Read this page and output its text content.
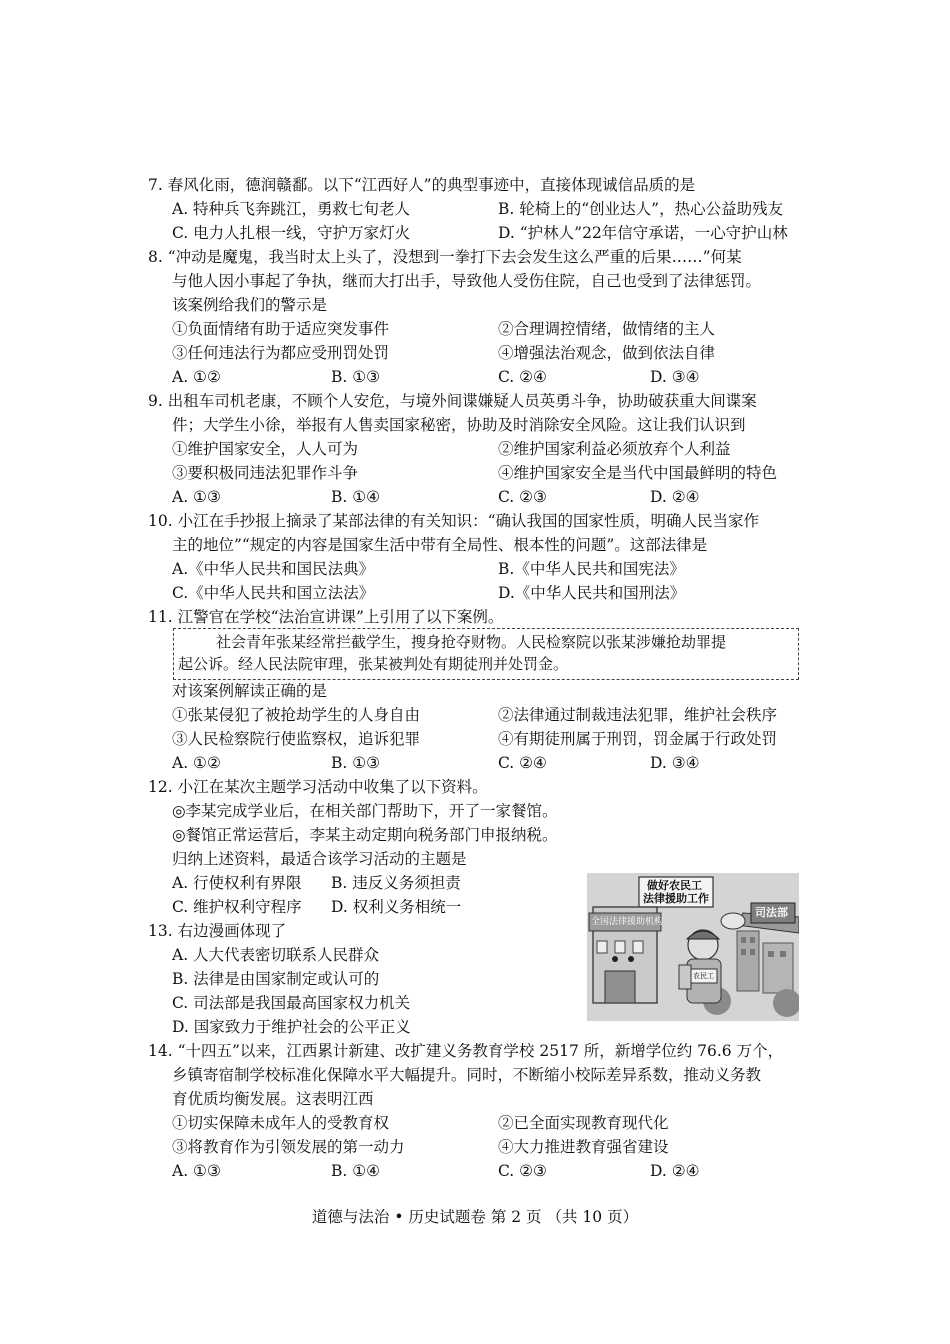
7. 春风化雨，德润赣鄱。以下“江西好人”的典型事迹中，直接体现诚信品质的是
A. 特种兵飞奔跳江，勇救七旬老人	B. 轮椅上的“创业达人”，热心公益助残友
C. 电力人扎根一线，守护万家灯火	D. “护林人”22年信守承诺，一心守护山林
8. “冲动是魔鬼，我当时太上头了，没想到一拳打下去会发生这么严重的后果……”何某
与他人因小事起了争执，继而大打出手，导致他人受伤住院，自己也受到了法律惩罚。
该案例给我们的警示是
①负面情绪有助于适应突发事件	②合理调控情绪，做情绪的主人
③任何违法行为都应受刑罚处罚	④增强法治观念，做到依法自律
A. ①②	B. ①③	C. ②④	D. ③④
9. 出租车司机老康，不顾个人安危，与境外间谍嫌疑人员英勇斗争，协助破获重大间谍案
件；大学生小徐，举报有人售卖国家秘密，协助及时消除安全风险。这让我们认识到
①维护国家安全，人人可为	②维护国家利益必须放弃个人利益
③要积极同违法犯罪作斗争	④维护国家安全是当代中国最鲜明的特色
A. ①③	B. ①④	C. ②③	D. ②④
10. 小江在手抄报上摘录了某部法律的有关知识：“确认我国的国家性质，明确人民当家作
主的地位”“规定的内容是国家生活中带有全局性、根本性的问题”。这部法律是
A.《中华人民共和国民法典》	B.《中华人民共和国宪法》
C.《中华人民共和国立法法》	D.《中华人民共和国刑法》
11. 江警官在学校“法治宣讲课”上引用了以下案例。
社会青年张某经常拦截学生，搜身抢夺财物。人民检察院以张某涉嫌抢劫罪提
起公诉。经人民法院审理，张某被判处有期徒刑并处罚金。
对该案例解读正确的是
①张某侵犯了被抢劫学生的人身自由	②法律通过制裁违法犯罪，维护社会秩序
③人民检察院行使监察权，追诉犯罪	④有期徒刑属于刑罚，罚金属于行政处罚
A. ①②	B. ①③	C. ②④	D. ③④
12. 小江在某次主题学习活动中收集了以下资料。
◎李某完成学业后，在相关部门帮助下，开了一家餐馆。
◎餐馆正常运营后，李某主动定期向税务部门申报纳税。
归纳上述资料，最适合该学习活动的主题是
A. 行使权利有界限 B. 违反义务须担责
C. 维护权利守程序 D. 权利义务相统一
13. 右边漫画体现了
A. 人大代表密切联系人民群众
B. 法律是由国家制定或认可的
C. 司法部是我国最高国家权力机关
D. 国家致力于维护社会的公平正义
做好农民工
法律援助工作
全国法律援助机构
司法部
农民工
14. “十四五”以来，江西累计新建、改扩建义务教育学校 2517 所，新增学位约 76.6 万个，
乡镇寄宿制学校标准化保障水平大幅提升。同时，不断缩小校际差异系数，推动义务教
育优质均衡发展。这表明江西
①切实保障未成年人的受教育权	②已全面实现教育现代化
③将教育作为引领发展的第一动力	④大力推进教育强省建设
A. ①③	B. ①④	C. ②③	D. ②④
道德与法治 • 历史试题卷 第 2 页 （共 10 页）
